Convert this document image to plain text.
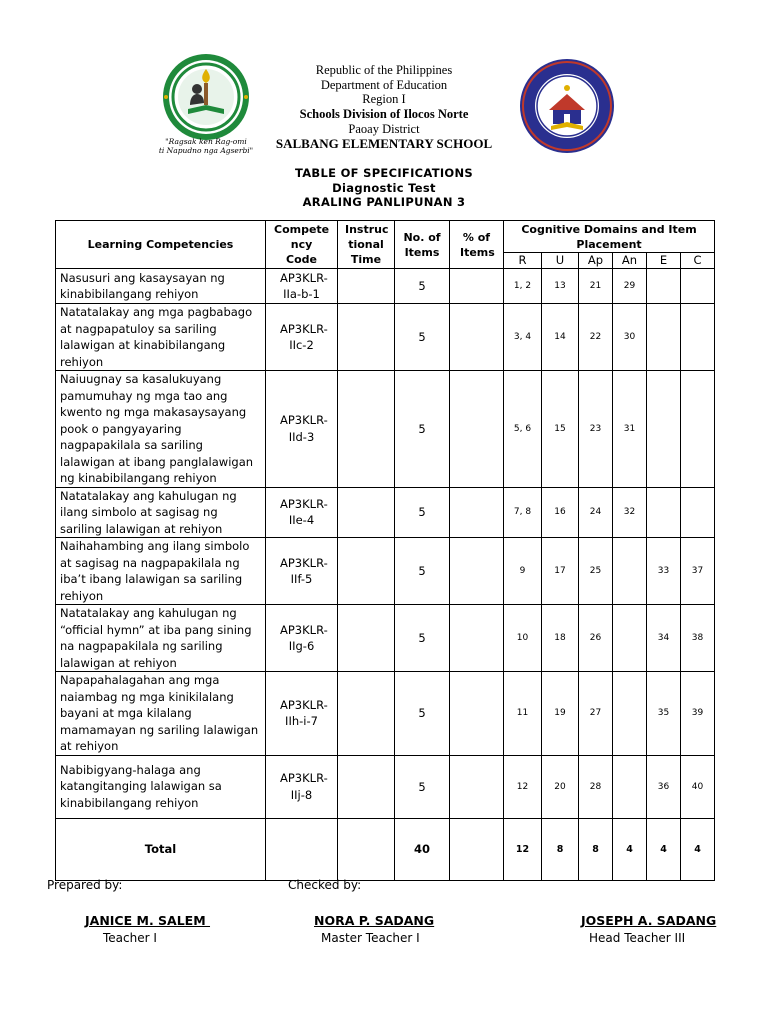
"Ragsak ken Rag-omi
ti Napudno nga Agserbi"
Republic of the Philippines
Department of Education
Region I
Schools Division of Ilocos Norte
Paoay District
SALBANG ELEMENTARY SCHOOL
TABLE OF SPECIFICATIONS
Diagnostic Test
ARALING PANLIPUNAN 3
Learning Competencies	Compete ncy Code	Instruc tional Time	No. of Items	% of Items	Cognitive Domains and Item Placement					

					R	U	Ap	An	E	C
Nasusuri ang kasaysayan ng kinabibilangang rehiyon	AP3KLR-IIa-b-1		5		1, 2	13	21	29		
Natatalakay ang mga pagbabago at nagpapatuloy sa sariling lalawigan at kinabibilangang rehiyon	AP3KLR-IIc-2		5		3, 4	14	22	30		
Naiuugnay sa kasalukuyang pamumuhay ng mga tao ang kwento ng mga makasaysayang pook o pangyayaring nagpapakilala sa sariling lalawigan at ibang panglalawigan ng kinabibilangang rehiyon	AP3KLR-IId-3		5		5, 6	15	23	31		
Natatalakay ang kahulugan ng ilang simbolo at sagisag ng sariling lalawigan at rehiyon	AP3KLR-IIe-4		5		7, 8	16	24	32		
Naihahambing ang ilang simbolo at sagisag na nagpapakilala ng iba’t ibang lalawigan sa sariling rehiyon	AP3KLR-IIf-5		5		9	17	25		33	37
Natatalakay ang kahulugan ng “official hymn” at iba pang sining na nagpapakilala ng sariling lalawigan at rehiyon	AP3KLR-IIg-6		5		10	18	26		34	38
Napapahalagahan ang mga naiambag ng mga kinikilalang bayani at mga kilalang mamamayan ng sariling lalawigan at rehiyon	AP3KLR-IIh-i-7		5		11	19	27		35	39
Nabibigyang-halaga ang katangitanging lalawigan sa kinabibilangang rehiyon	AP3KLR-IIj-8		5		12	20	28		36	40
Total			40		12	8	8	4	4	4
Prepared by:	Checked by:
JANICE M. SALEM
Teacher I
NORA P. SADANG
Master Teacher I
JOSEPH A. SADANG
Head Teacher III
